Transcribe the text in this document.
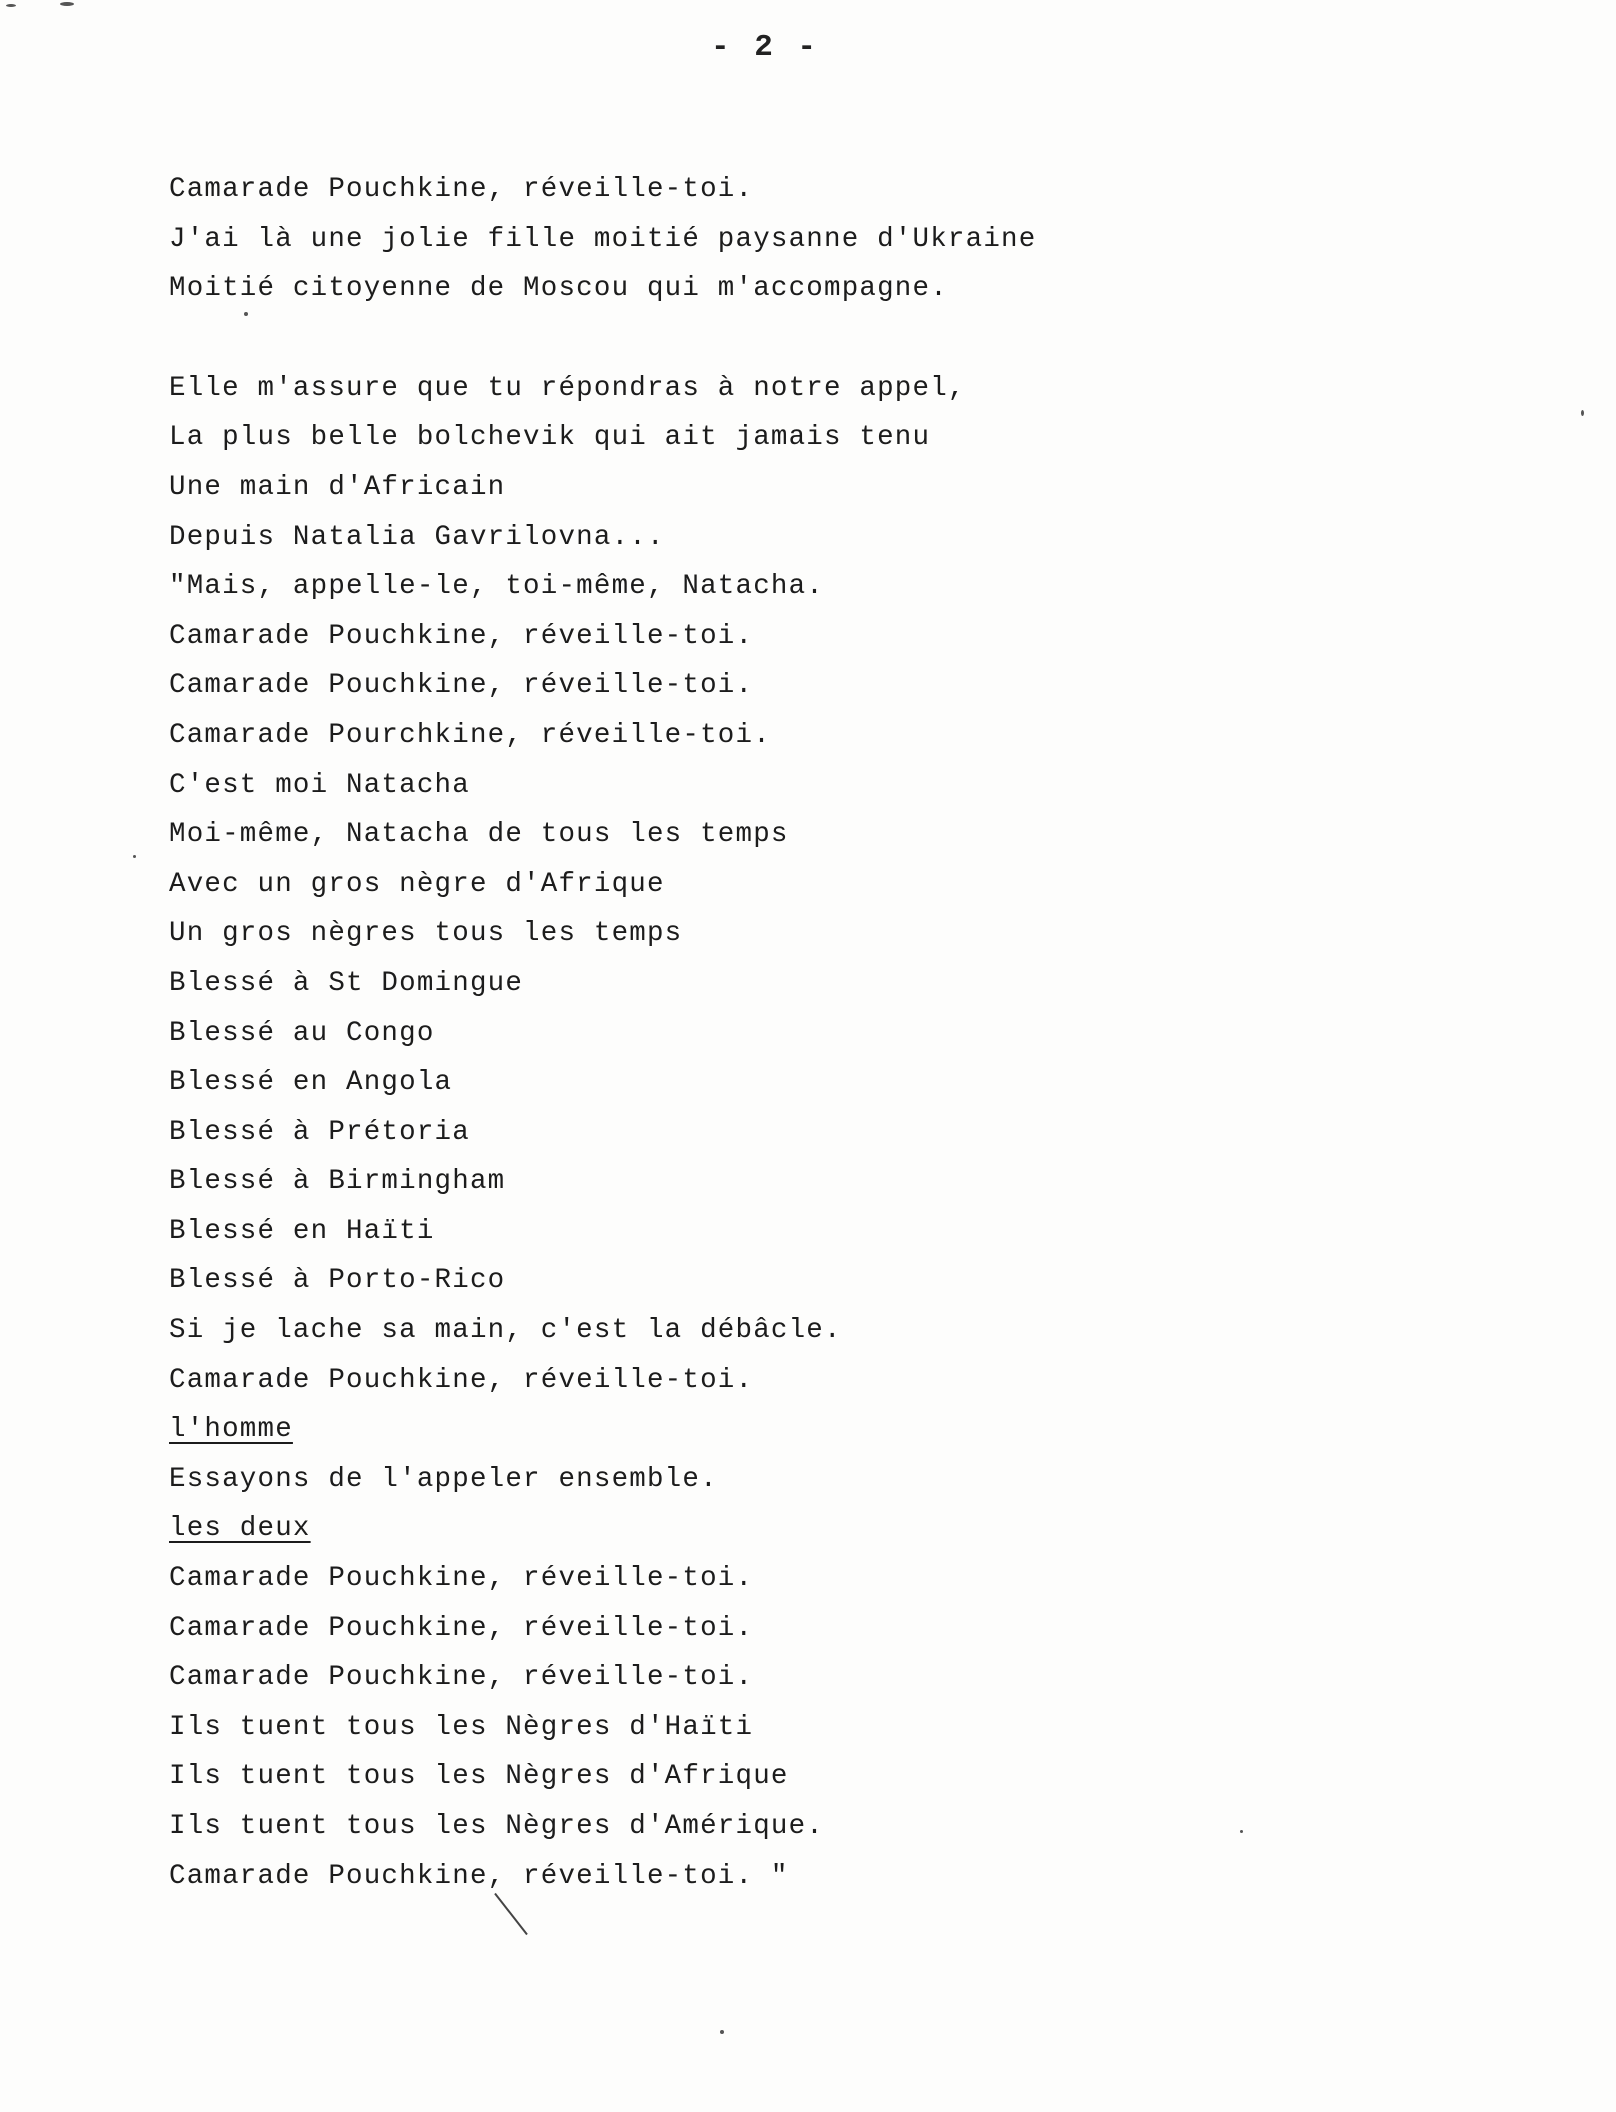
- 2 -
Camarade Pouchkine, réveille-toi.
J'ai là une jolie fille moitié paysanne d'Ukraine
Moitié citoyenne de Moscou qui m'accompagne.
Elle m'assure que tu répondras à notre appel,
La plus belle bolchevik qui ait jamais tenu
Une main d'Africain
Depuis Natalia Gavrilovna...
"Mais, appelle-le, toi-même, Natacha.
Camarade Pouchkine, réveille-toi.
Camarade Pouchkine, réveille-toi.
Camarade Pourchkine, réveille-toi.
C'est moi Natacha
Moi-même, Natacha de tous les temps
Avec un gros nègre d'Afrique
Un gros nègres tous les temps
Blessé à St Domingue
Blessé au Congo
Blessé en Angola
Blessé à Prétoria
Blessé à Birmingham
Blessé en Haïti
Blessé à Porto-Rico
Si je lache sa main, c'est la débâcle.
Camarade Pouchkine, réveille-toi.
l'homme
Essayons de l'appeler ensemble.
les deux
Camarade Pouchkine, réveille-toi.
Camarade Pouchkine, réveille-toi.
Camarade Pouchkine, réveille-toi.
Ils tuent tous les Nègres d'Haïti
Ils tuent tous les Nègres d'Afrique
Ils tuent tous les Nègres d'Amérique.
Camarade Pouchkine, réveille-toi. "
